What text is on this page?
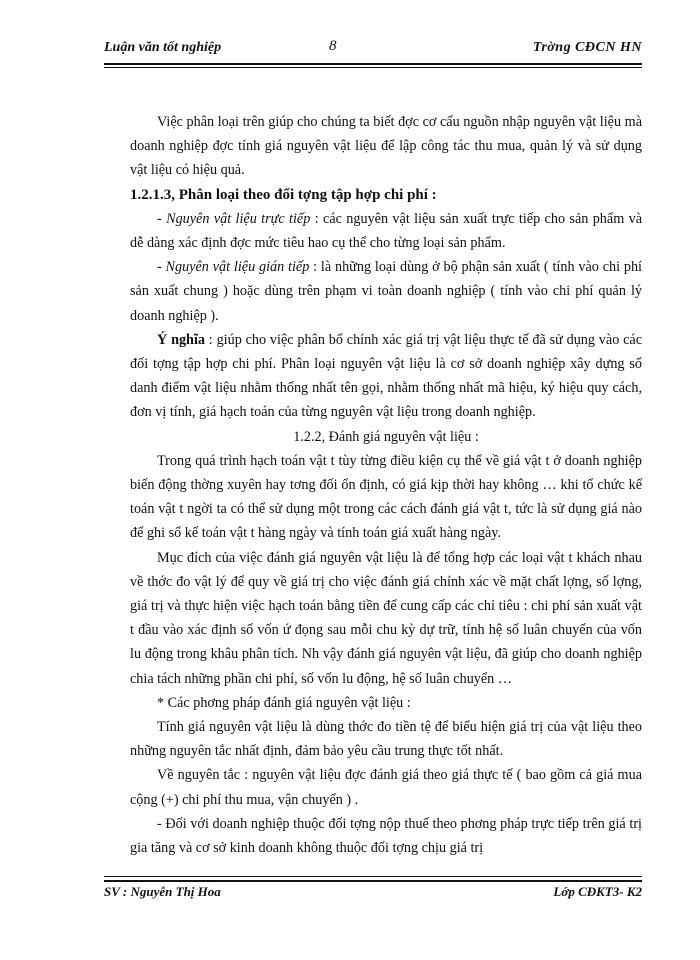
Luận văn tốt nghiệp	8	Trờng CĐCN HN

Việc phân loại trên giúp cho chúng ta biết đợc cơ cấu nguồn nhập nguyên vật liệu mà doanh nghiệp đợc tính giá nguyên vật liệu để lập công tác thu mua, quản lý và sử dụng vật liệu có hiệu quả.

1.2.1.3, Phân loại theo đối tợng tập hợp chi phí :

- Nguyên vật liệu trực tiếp : các nguyên vật liệu sản xuất trực tiếp cho sản phẩm và dễ dàng xác định đợc mức tiêu hao cụ thể cho từng loại sản phẩm.

- Nguyên vật liệu gián tiếp : là những loại dùng ở bộ phận sản xuất ( tính vào chi phí sản xuất chung ) hoặc dùng trên phạm vi toàn doanh nghiệp ( tính vào chi phí quản lý doanh nghiệp ).

Ý nghĩa : giúp cho việc phân bổ chính xác giá trị vật liệu thực tế đã sử dụng vào các đối tợng tập hợp chi phí. Phân loại nguyên vật liệu là cơ sở doanh nghiệp xây dựng sổ danh điểm vật liệu nhằm thống nhất tên gọi, nhằm thống nhất mã hiệu, ký hiệu quy cách, đơn vị tính, giá hạch toán của từng nguyên vật liệu trong doanh nghiệp.

1.2.2, Đánh giá nguyên vật liệu :

Trong quá trình hạch toán vật t tùy từng điều kiện cụ thể về giá vật t ở doanh nghiệp biến động thờng xuyên hay tơng đối ổn định, có giá kịp thời hay không … khi tổ chức kế toán vật t ngời ta có thể sử dụng một trong các cách đánh giá vật t, tức là sử dụng giá nào để ghi sổ kế toán vật t hàng ngày và tính toán giá xuất hàng ngày.

Mục đích của việc đánh giá nguyên vật liệu là để tổng hợp các loại vật t khách nhau về thớc đo vật lý để quy về giá trị cho việc đánh giá chính xác về mặt chất lợng, số lợng, giá trị và thực hiện việc hạch toán bằng tiền để cung cấp các chỉ tiêu : chi phí sản xuất vật t đầu vào xác định số vốn ứ đọng sau mỗi chu kỳ dự trữ, tính hệ số luân chuyển của vốn lu động trong khâu phân tích. Nh vậy đánh giá nguyên vật liệu, đã giúp cho doanh nghiệp chia tách những phần chi phí, số vốn lu động, hệ số luân chuyển …

* Các phơng pháp đánh giá nguyên vật liệu :

Tính giá nguyên vật liệu là dùng thớc đo tiền tệ để biểu hiện giá trị của vật liệu theo những nguyên tắc nhất định, đảm bảo yêu cầu trung thực tốt nhất.

Về nguyên tắc : nguyên vật liệu đợc đánh giá theo giá thực tế ( bao gồm cả giá mua cộng (+) chi phí thu mua, vận chuyển ) .

- Đối với doanh nghiệp thuộc đối tợng nộp thuế theo phơng pháp trực tiếp trên giá trị gia tăng và cơ sở kinh doanh không thuộc đối tợng chịu giá trị

SV : Nguyễn Thị Hoa	Lớp CĐKT3- K2
